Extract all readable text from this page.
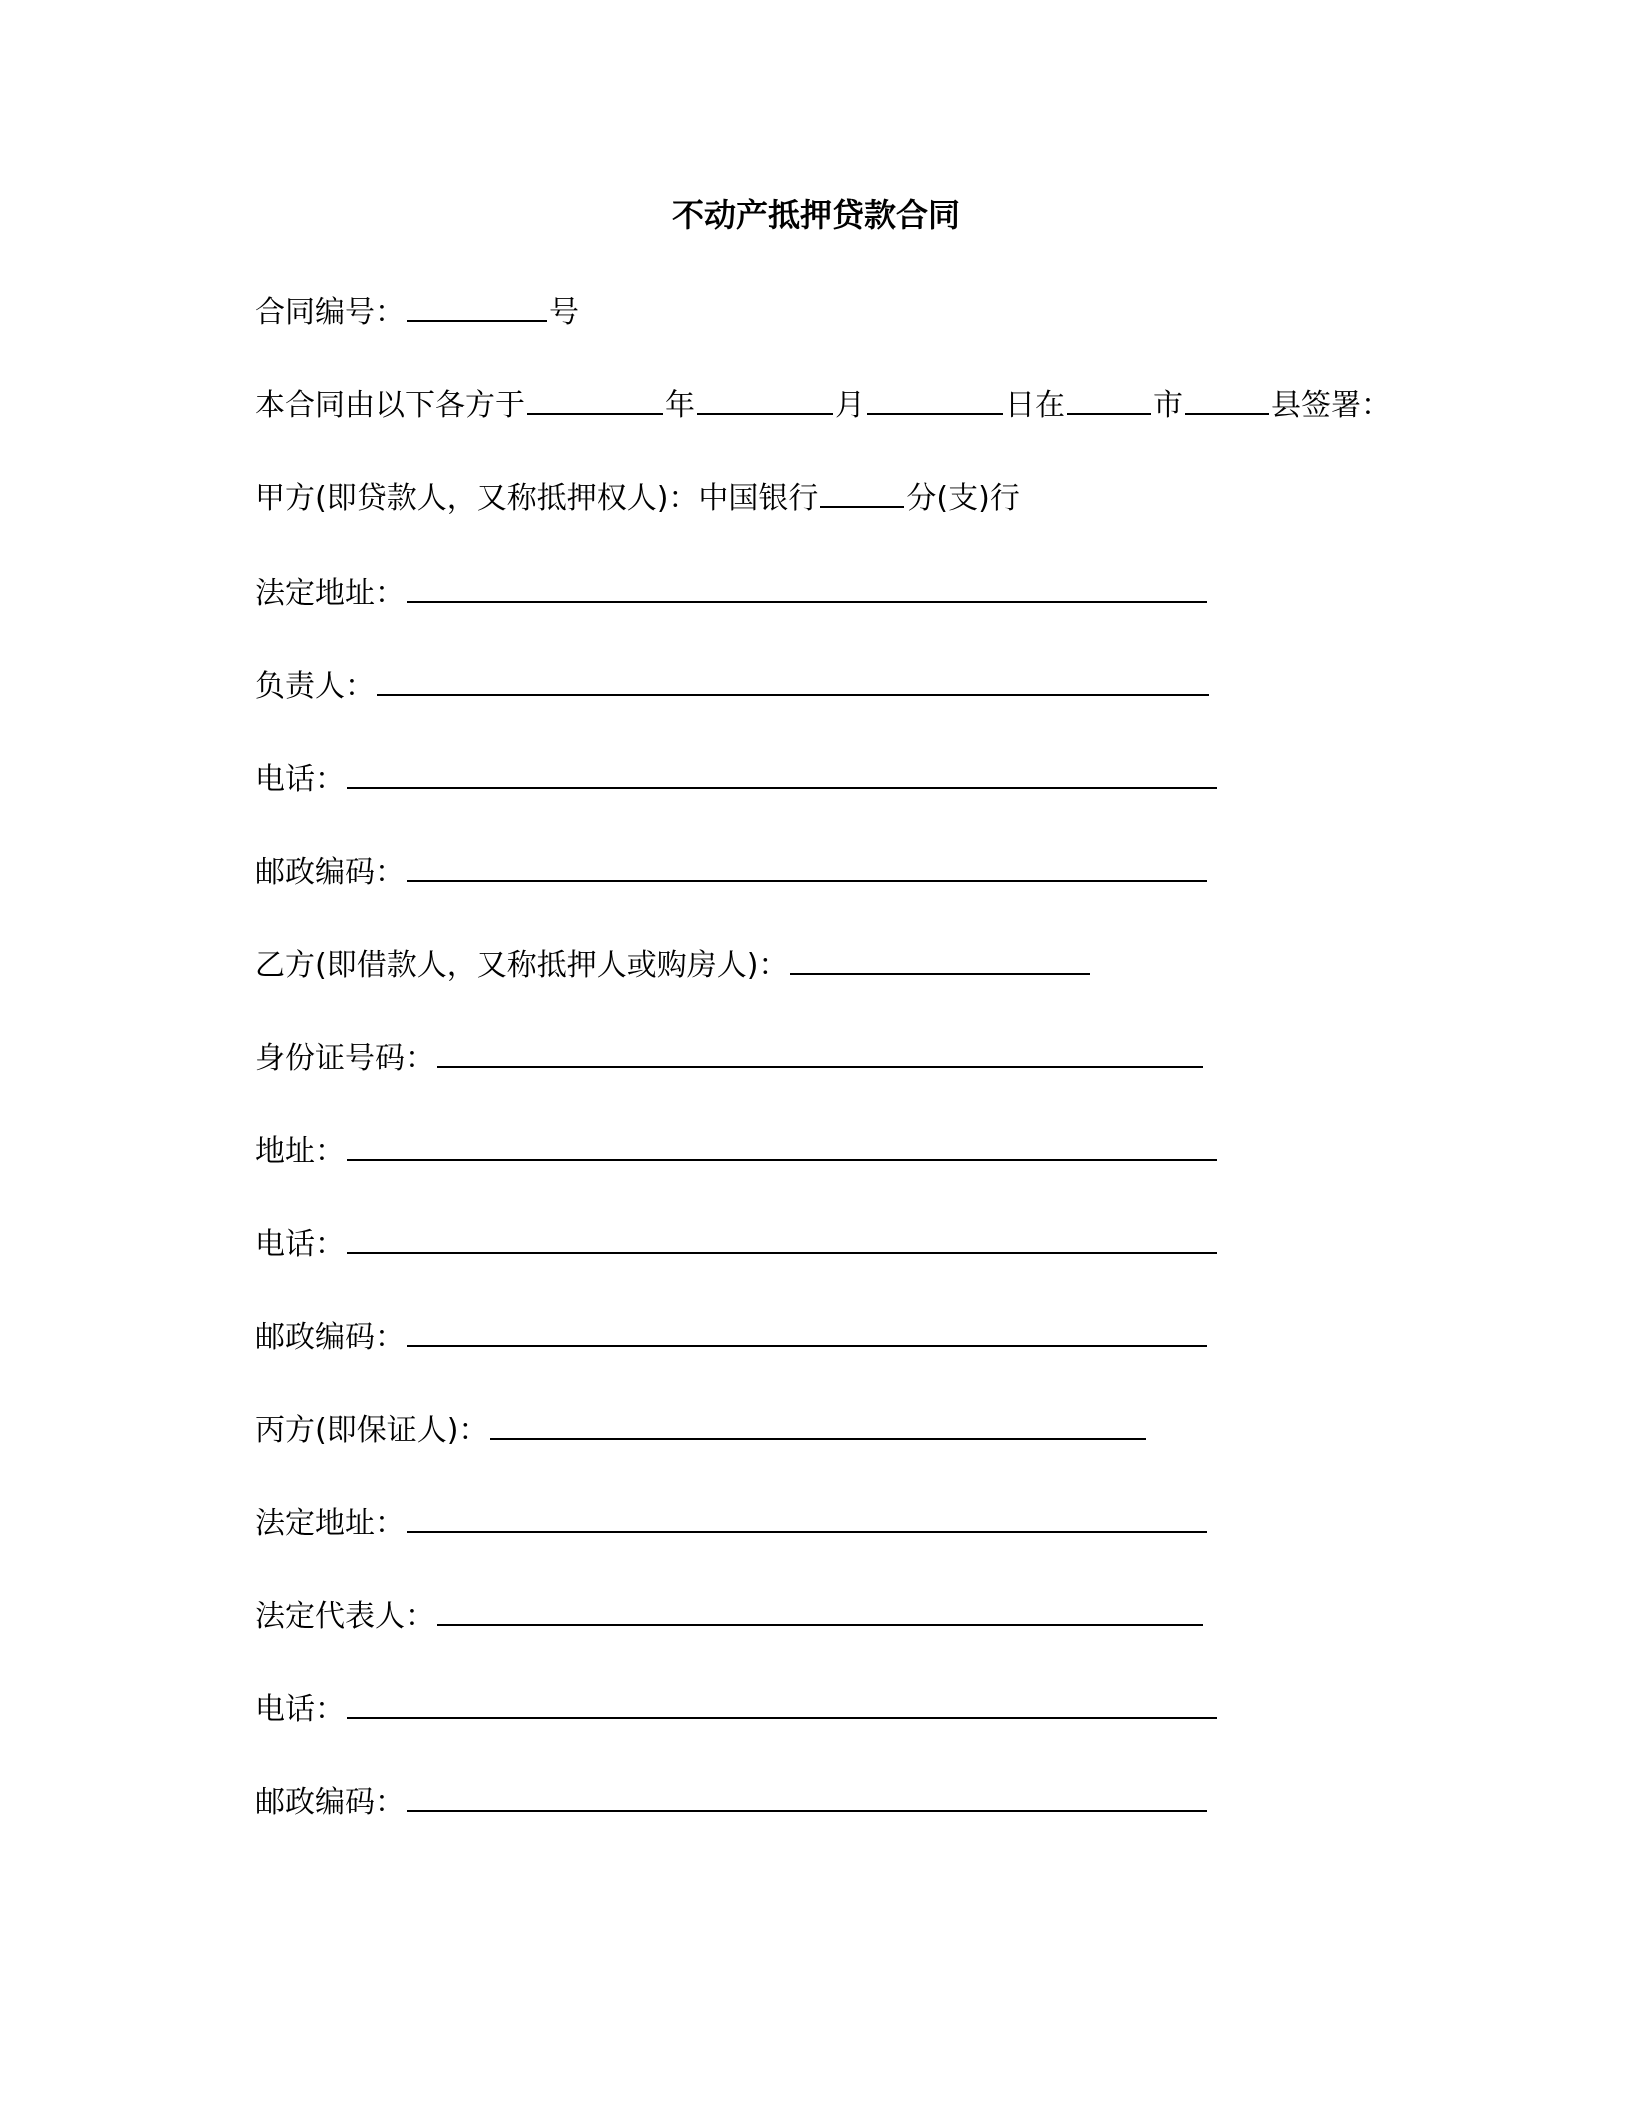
不动产抵押贷款合同
合同编号：	号
本合同由以下各方于	年	月	日在	市	县签署：
甲方(即贷款人，又称抵押权人)：中国银行	分(支)行
法定地址：
负责人：
电话：
邮政编码：
乙方(即借款人，又称抵押人或购房人)：
身份证号码：
地址：
电话：
邮政编码：
丙方(即保证人)：
法定地址：
法定代表人：
电话：
邮政编码：
